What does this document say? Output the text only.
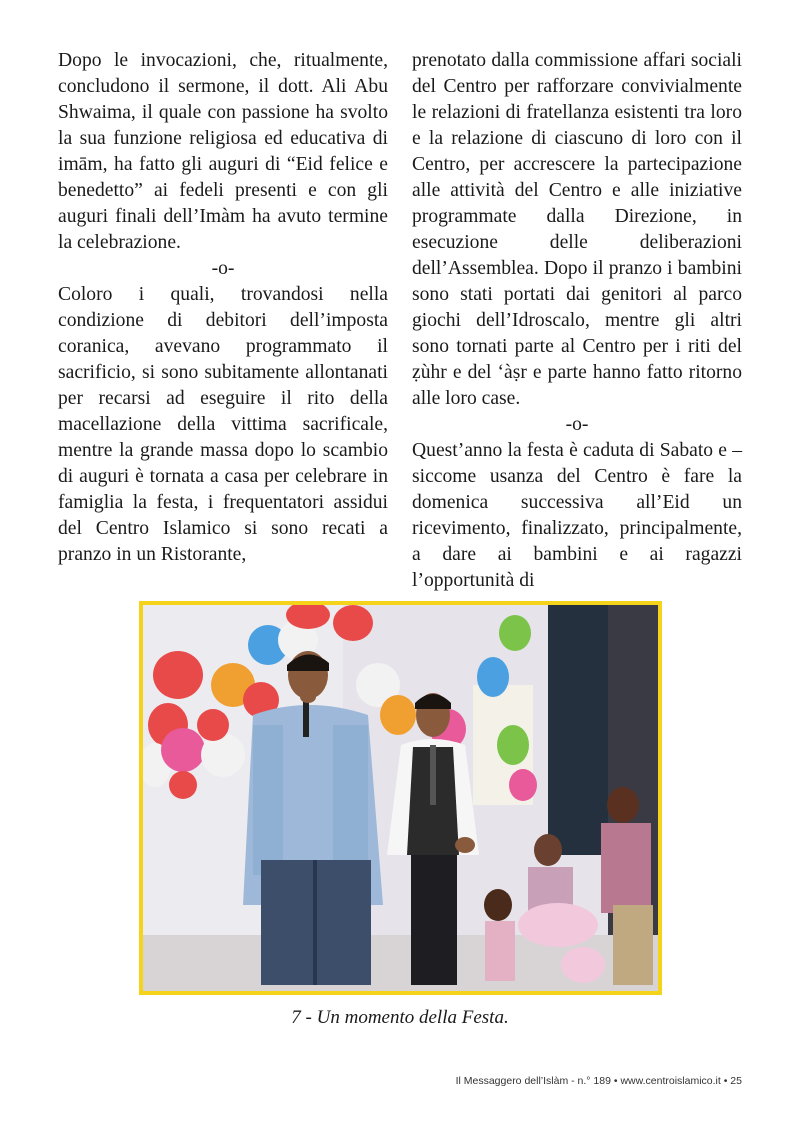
Dopo le invocazioni, che, ritualmente, concludono il sermone, il dott. Ali Abu Shwaima, il quale con passione ha svolto la sua funzione religiosa ed educativa di imām, ha fatto gli auguri di “Eid felice e benedetto” ai fedeli presenti e con gli auguri finali dell’Imàm ha avuto termine la celebrazione.

-o-

Coloro i quali, trovandosi nella condizione di debitori dell’imposta coranica, avevano programmato il sacrificio, si sono subitamente allontanati per recarsi ad eseguire il rito della macellazione della vittima sacrificale, mentre la grande massa dopo lo scambio di auguri è tornata a casa per celebrare in famiglia la festa, i frequentatori assidui del Centro Islamico si sono recati a pranzo in un Ristorante,

prenotato dalla commissione affari sociali del Centro per rafforzare convivialmente le relazioni di fratellanza esistenti tra loro e la relazione di ciascuno di loro con il Centro, per accrescere la partecipazione alle attività del Centro e alle iniziative programmate dalla Direzione, in esecuzione delle deliberazioni dell’Assemblea. Dopo il pranzo i bambini sono stati portati dai genitori al parco giochi dell’Idroscalo, mentre gli altri sono tornati parte al Centro per i riti del ẓùhr e del ‘àṣr e parte hanno fatto ritorno alle loro case.

-o-

Quest’anno la festa è caduta di Sabato e – siccome usanza del Centro è fare la domenica successiva all’Eid un ricevimento, finalizzato, principalmente, a dare ai bambini e ai ragazzi l’opportunità di

7 - Un momento della Festa.
Il Messaggero dell’Islàm - n.° 189 • www.centroislamico.it • 25
